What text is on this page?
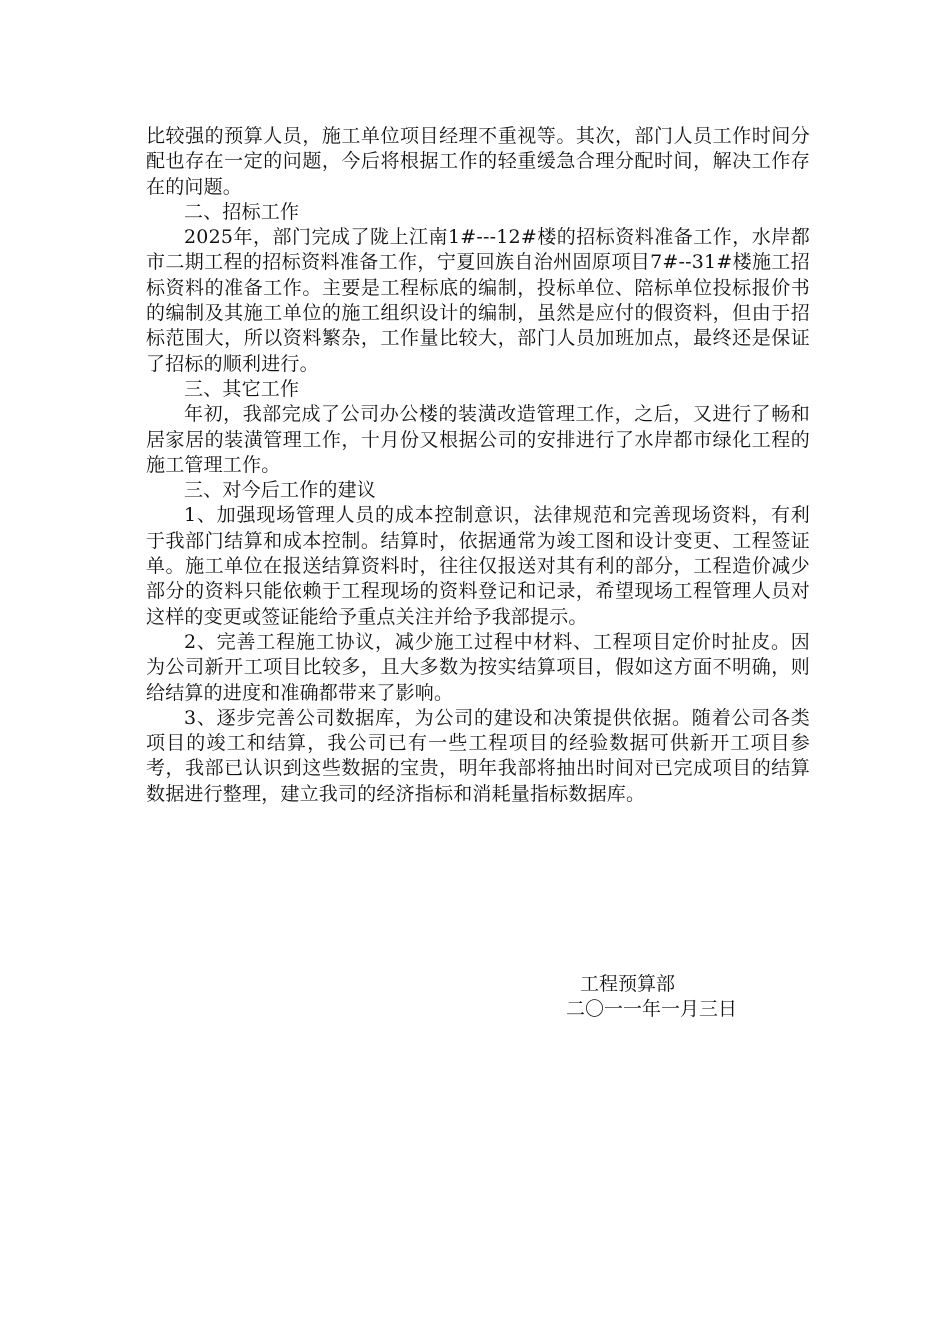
比较强的预算人员，施工单位项目经理不重视等。其次，部门人员工作时间分配也存在一定的问题，今后将根据工作的轻重缓急合理分配时间，解决工作存在的问题。

二、招标工作

2025年，部门完成了陇上江南1#---12#楼的招标资料准备工作，水岸都市二期工程的招标资料准备工作，宁夏回族自治州固原项目7#--31#楼施工招标资料的准备工作。主要是工程标底的编制，投标单位、陪标单位投标报价书的编制及其施工单位的施工组织设计的编制，虽然是应付的假资料，但由于招标范围大，所以资料繁杂，工作量比较大，部门人员加班加点，最终还是保证了招标的顺利进行。

三、其它工作

年初，我部完成了公司办公楼的装潢改造管理工作，之后，又进行了畅和居家居的装潢管理工作，十月份又根据公司的安排进行了水岸都市绿化工程的施工管理工作。

三、对今后工作的建议

1、加强现场管理人员的成本控制意识，法律规范和完善现场资料，有利于我部门结算和成本控制。结算时，依据通常为竣工图和设计变更、工程签证单。施工单位在报送结算资料时，往往仅报送对其有利的部分，工程造价减少部分的资料只能依赖于工程现场的资料登记和记录，希望现场工程管理人员对这样的变更或签证能给予重点关注并给予我部提示。

2、完善工程施工协议，减少施工过程中材料、工程项目定价时扯皮。因为公司新开工项目比较多，且大多数为按实结算项目，假如这方面不明确，则给结算的进度和准确都带来了影响。

3、逐步完善公司数据库，为公司的建设和决策提供依据。随着公司各类项目的竣工和结算，我公司已有一些工程项目的经验数据可供新开工项目参考，我部已认识到这些数据的宝贵，明年我部将抽出时间对已完成项目的结算数据进行整理，建立我司的经济指标和消耗量指标数据库。

工程预算部
二〇一一年一月三日
